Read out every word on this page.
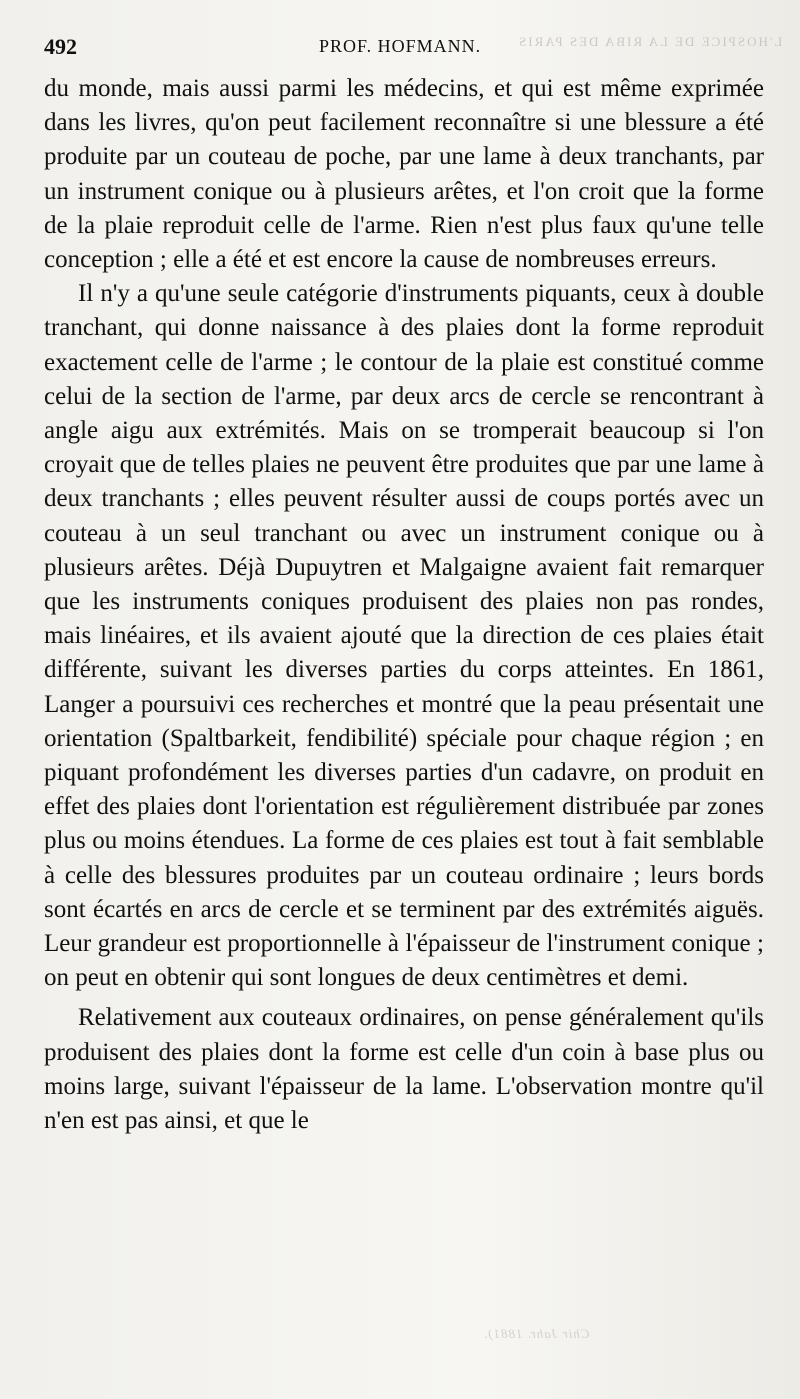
L'HOSPICE DE LA RIBA DES PARIS
Chir Jahr. 1881).
492	PROF. HOFMANN.

du monde, mais aussi parmi les médecins, et qui est même exprimée dans les livres, qu'on peut facilement reconnaître si une blessure a été produite par un couteau de poche, par une lame à deux tranchants, par un instrument conique ou à plusieurs arêtes, et l'on croit que la forme de la plaie reproduit celle de l'arme. Rien n'est plus faux qu'une telle conception ; elle a été et est encore la cause de nombreuses erreurs.

Il n'y a qu'une seule catégorie d'instruments piquants, ceux à double tranchant, qui donne naissance à des plaies dont la forme reproduit exactement celle de l'arme ; le contour de la plaie est constitué comme celui de la section de l'arme, par deux arcs de cercle se rencontrant à angle aigu aux extrémités. Mais on se tromperait beaucoup si l'on croyait que de telles plaies ne peuvent être produites que par une lame à deux tranchants ; elles peuvent résulter aussi de coups portés avec un couteau à un seul tranchant ou avec un instrument conique ou à plusieurs arêtes. Déjà Dupuytren et Malgaigne avaient fait remarquer que les instruments coniques produisent des plaies non pas rondes, mais linéaires, et ils avaient ajouté que la direction de ces plaies était différente, suivant les diverses parties du corps atteintes. En 1861, Langer a poursuivi ces recherches et montré que la peau présentait une orientation (Spaltbarkeit, fendibilité) spéciale pour chaque région ; en piquant profondément les diverses parties d'un cadavre, on produit en effet des plaies dont l'orientation est régulièrement distribuée par zones plus ou moins étendues. La forme de ces plaies est tout à fait semblable à celle des blessures produites par un couteau ordinaire ; leurs bords sont écartés en arcs de cercle et se terminent par des extrémités aiguës. Leur grandeur est proportionnelle à l'épaisseur de l'instrument conique ; on peut en obtenir qui sont longues de deux centimètres et demi.

Relativement aux couteaux ordinaires, on pense généralement qu'ils produisent des plaies dont la forme est celle d'un coin à base plus ou moins large, suivant l'épaisseur de la lame. L'observation montre qu'il n'en est pas ainsi, et que le
